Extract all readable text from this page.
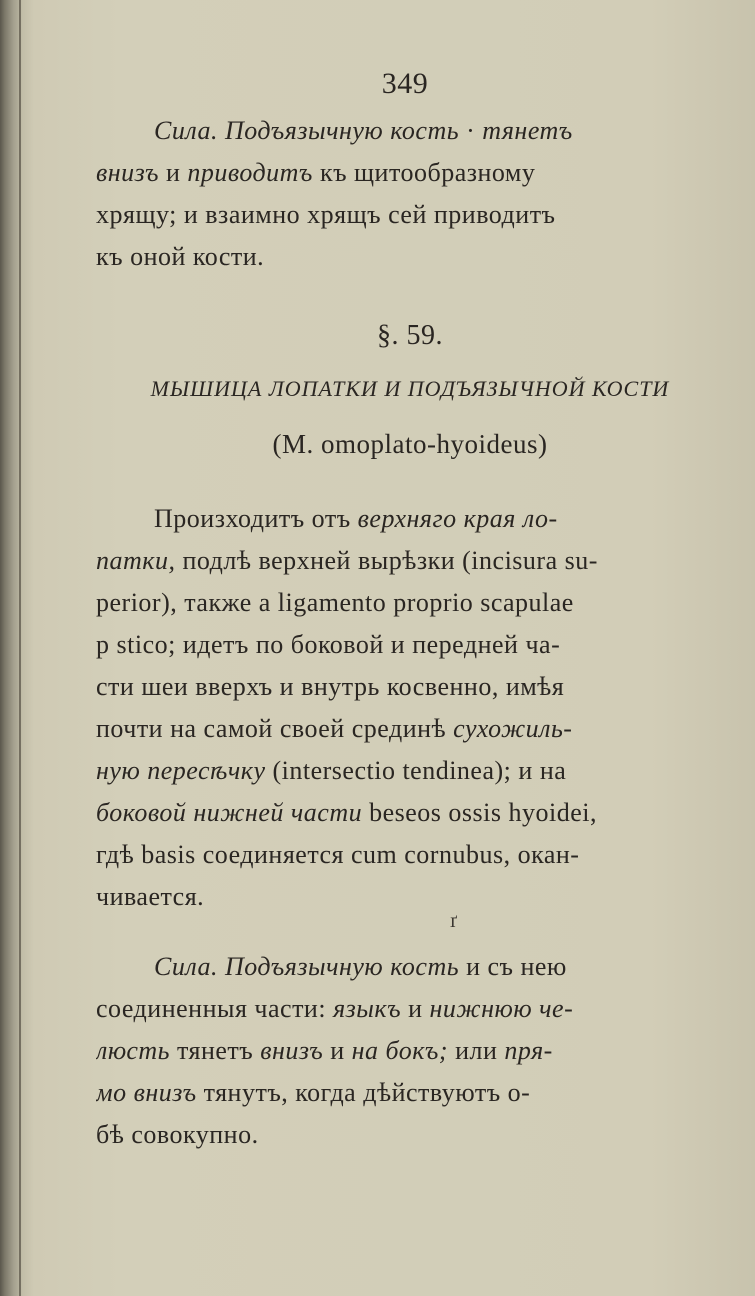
349
Сила. Подъязычную кость · тянетъ
внизъ и приводитъ къ щитообразному
хрящу; и взаимно хрящъ сей приводитъ
къ оной кости.
§. 59.
МЫШИЦА ЛОПАТКИ И ПОДЪЯЗЫЧНОЙ КОСТИ
(M. omoplato-hyoideus)
Произходитъ отъ верхняго края ло-
патки, подлѣ верхней вырѣзки (incisura su-
perior), также a ligamento proprio scapulae
p stico; идетъ по боковой и передней ча-
сти шеи вверхъ и внутрь косвенно, имѣя
почти на самой своей срединѣ сухожиль-
ную пересѣчку (intersectio tendinea); и на
боковой нижней части beseos ossis hyoidei,
гдѣ basis соединяется cum cornubus, окан-
чивается.
Сила. Подъязычную кость и съ нею
соединенныя части: языкъ и нижнюю че-
люсть тянетъ внизъ и на бокъ; или пря-
мо внизъ тянутъ, когда дѣйствуютъ о-
бѣ совокупно.
ґ
